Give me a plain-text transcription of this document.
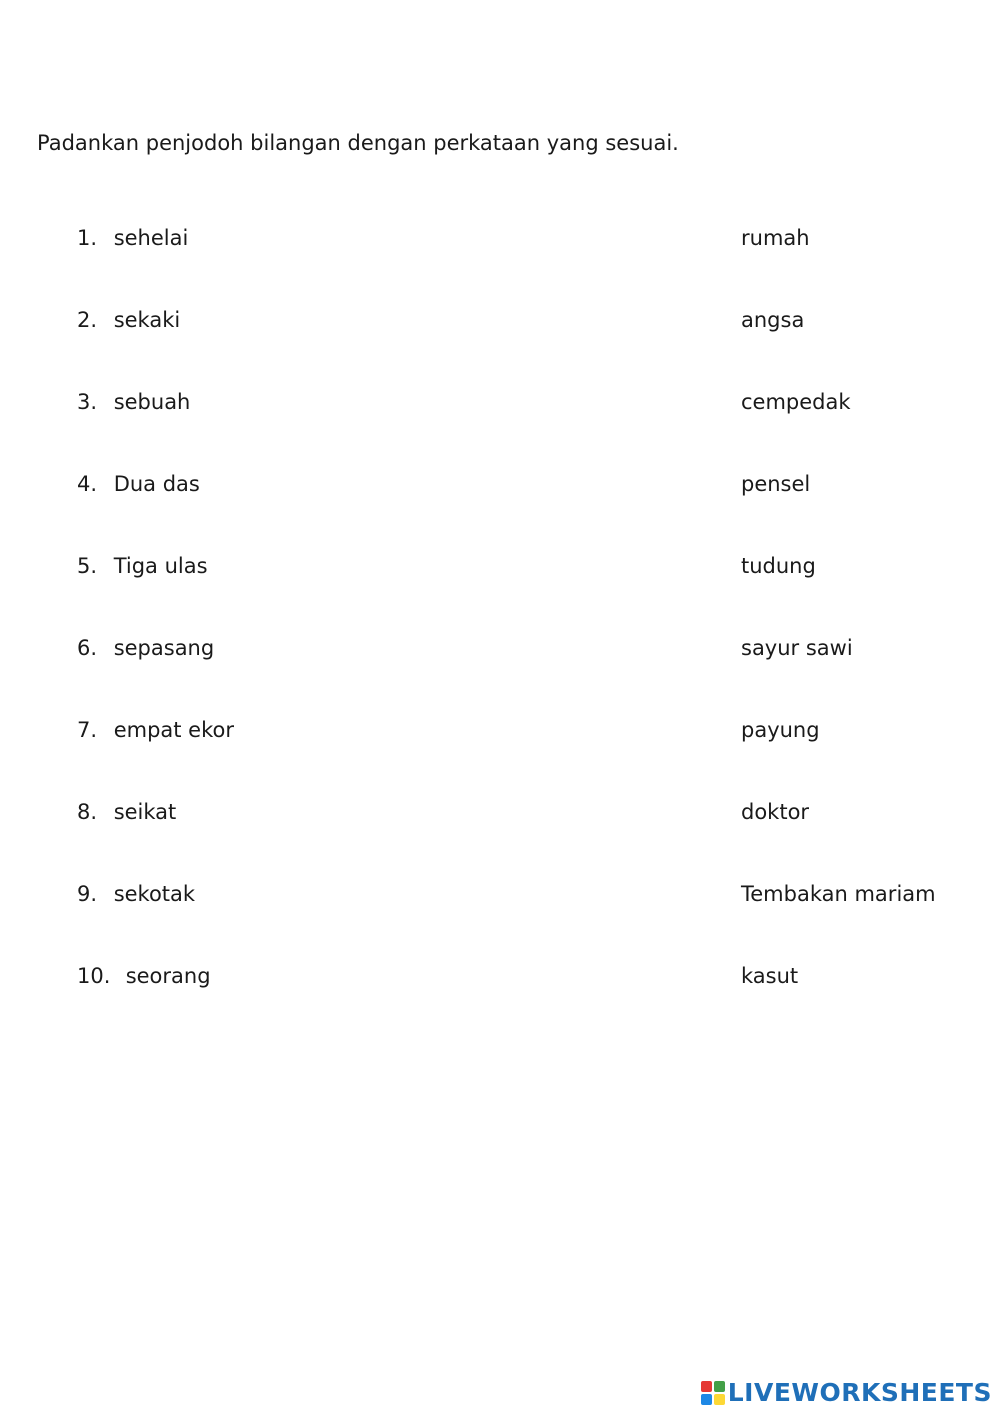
Padankan penjodoh bilangan dengan perkataan yang sesuai.
1. sehelai	rumah
2. sekaki	angsa
3. sebuah	cempedak
4. Dua das	pensel
5. Tiga ulas	tudung
6. sepasang	sayur sawi
7. empat ekor	payung
8. seikat	doktor
9. sekotak	Tembakan mariam
10. seorang	kasut
LIVEWORKSHEETS
